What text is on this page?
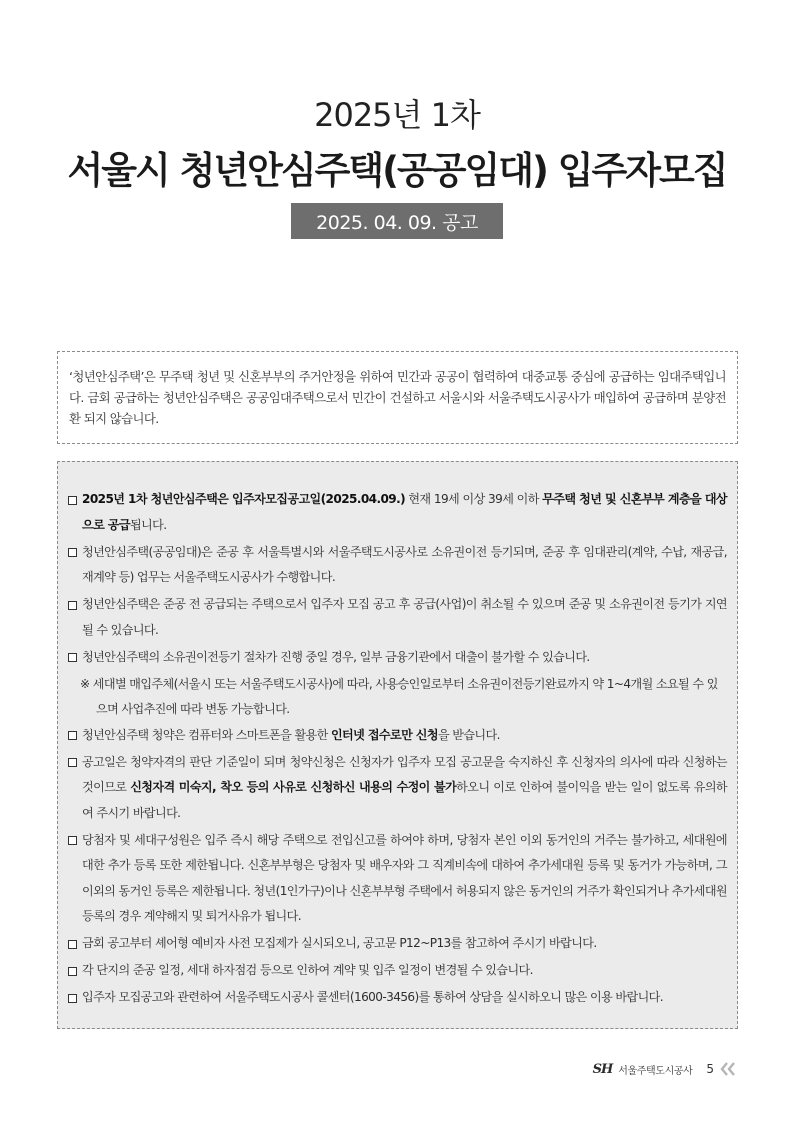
2025년 1차
서울시 청년안심주택(공공임대) 입주자모집
2025. 04. 09. 공고

‘청년안심주택’은 무주택 청년 및 신혼부부의 주거안정을 위하여 민간과 공공이 협력하여 대중교통 중심에 공급하는 임대주택입니다. 금회 공급하는 청년안심주택은 공공임대주택으로서 민간이 건설하고 서울시와 서울주택도시공사가 매입하여 공급하며 분양전환 되지 않습니다.

2025년 1차 청년안심주택은 입주자모집공고일(2025.04.09.) 현재 19세 이상 39세 이하 무주택 청년 및 신혼부부 계층을 대상으로 공급됩니다.
청년안심주택(공공임대)은 준공 후 서울특별시와 서울주택도시공사로 소유권이전 등기되며, 준공 후 임대관리(계약, 수납, 재공급, 재계약 등) 업무는 서울주택도시공사가 수행합니다.
청년안심주택은 준공 전 공급되는 주택으로서 입주자 모집 공고 후 공급(사업)이 취소될 수 있으며 준공 및 소유권이전 등기가 지연될 수 있습니다.
청년안심주택의 소유권이전등기 절차가 진행 중일 경우, 일부 금융기관에서 대출이 불가할 수 있습니다.
※ 세대별 매입주체(서울시 또는 서울주택도시공사)에 따라, 사용승인일로부터 소유권이전등기완료까지 약 1~4개월 소요될 수 있으며 사업추진에 따라 변동 가능합니다.
청년안심주택 청약은 컴퓨터와 스마트폰을 활용한 인터넷 접수로만 신청을 받습니다.
공고일은 청약자격의 판단 기준일이 되며 청약신청은 신청자가 입주자 모집 공고문을 숙지하신 후 신청자의 의사에 따라 신청하는 것이므로 신청자격 미숙지, 착오 등의 사유로 신청하신 내용의 수정이 불가하오니 이로 인하여 불이익을 받는 일이 없도록 유의하여 주시기 바랍니다.
당첨자 및 세대구성원은 입주 즉시 해당 주택으로 전입신고를 하여야 하며, 당첨자 본인 이외 동거인의 거주는 불가하고, 세대원에 대한 추가 등록 또한 제한됩니다. 신혼부부형은 당첨자 및 배우자와 그 직계비속에 대하여 추가세대원 등록 및 동거가 가능하며, 그 이외의 동거인 등록은 제한됩니다. 청년(1인가구)이나 신혼부부형 주택에서 허용되지 않은 동거인의 거주가 확인되거나 추가세대원 등록의 경우 계약해지 및 퇴거사유가 됩니다.
금회 공고부터 셰어형 예비자 사전 모집제가 실시되오니, 공고문 P12~P13를 참고하여 주시기 바랍니다.
각 단지의 준공 일정, 세대 하자점검 등으로 인하여 계약 및 입주 일정이 변경될 수 있습니다.
입주자 모집공고와 관련하여 서울주택도시공사 콜센터(1600-3456)를 통하여 상담을 실시하오니 많은 이용 바랍니다.
SH 서울주택도시공사 5
